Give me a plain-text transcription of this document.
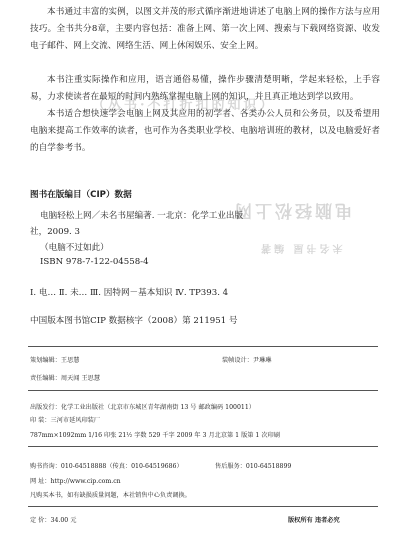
（丛书·不打折扣的知识）
电脑轻松上网
未名书屋 编著
本书通过丰富的实例，以图文并茂的形式循序渐进地讲述了电脑上网的操作方法与应用技巧。全书共分8章，主要内容包括：准备上网、第一次上网、搜索与下载网络资源、收发电子邮件、网上交流、网络生活、网上休闲娱乐、安全上网。
本书注重实际操作和应用，语言通俗易懂，操作步骤清楚明晰，学起来轻松，上手容易，力求使读者在最短的时间内熟练掌握电脑上网的知识，并且真正地达到学以致用。
本书适合想快速学会电脑上网及其应用的初学者、各类办公人员和公务员，以及希望用电脑来提高工作效率的读者，也可作为各类职业学校、电脑培训班的教材，以及电脑爱好者的自学参考书。
图书在版编目（CIP）数据
电脑轻松上网／未名书屋编著. 一北京：化学工业出版
社，2009. 3
（电脑不过如此）
ISBN 978-7-122-04558-4
Ⅰ. 电… Ⅱ. 未… Ⅲ. 因特网－基本知识 Ⅳ. TP393. 4
中国版本图书馆CIP 数据核字（2008）第 211951 号
策划编辑：王思慧	装帧设计：尹琳琳
责任编辑：周天闻 王思慧
出版发行：化学工业出版社（北京市东城区青年湖南街 13 号 邮政编码 100011）
印 装：三河市延风印装厂
787mm×1092mm 1/16 印张 21½ 字数 529 千字 2009 年 3 月北京第 1 版第 1 次印刷
购书咨询：010-64518888（传真：010-64519686）	售后服务：010-64518899
网 址：http://www.cip.com.cn
凡购买本书，如有缺损质量问题，本社销售中心负责调换。
定 价：34.00 元	版权所有 违者必究
